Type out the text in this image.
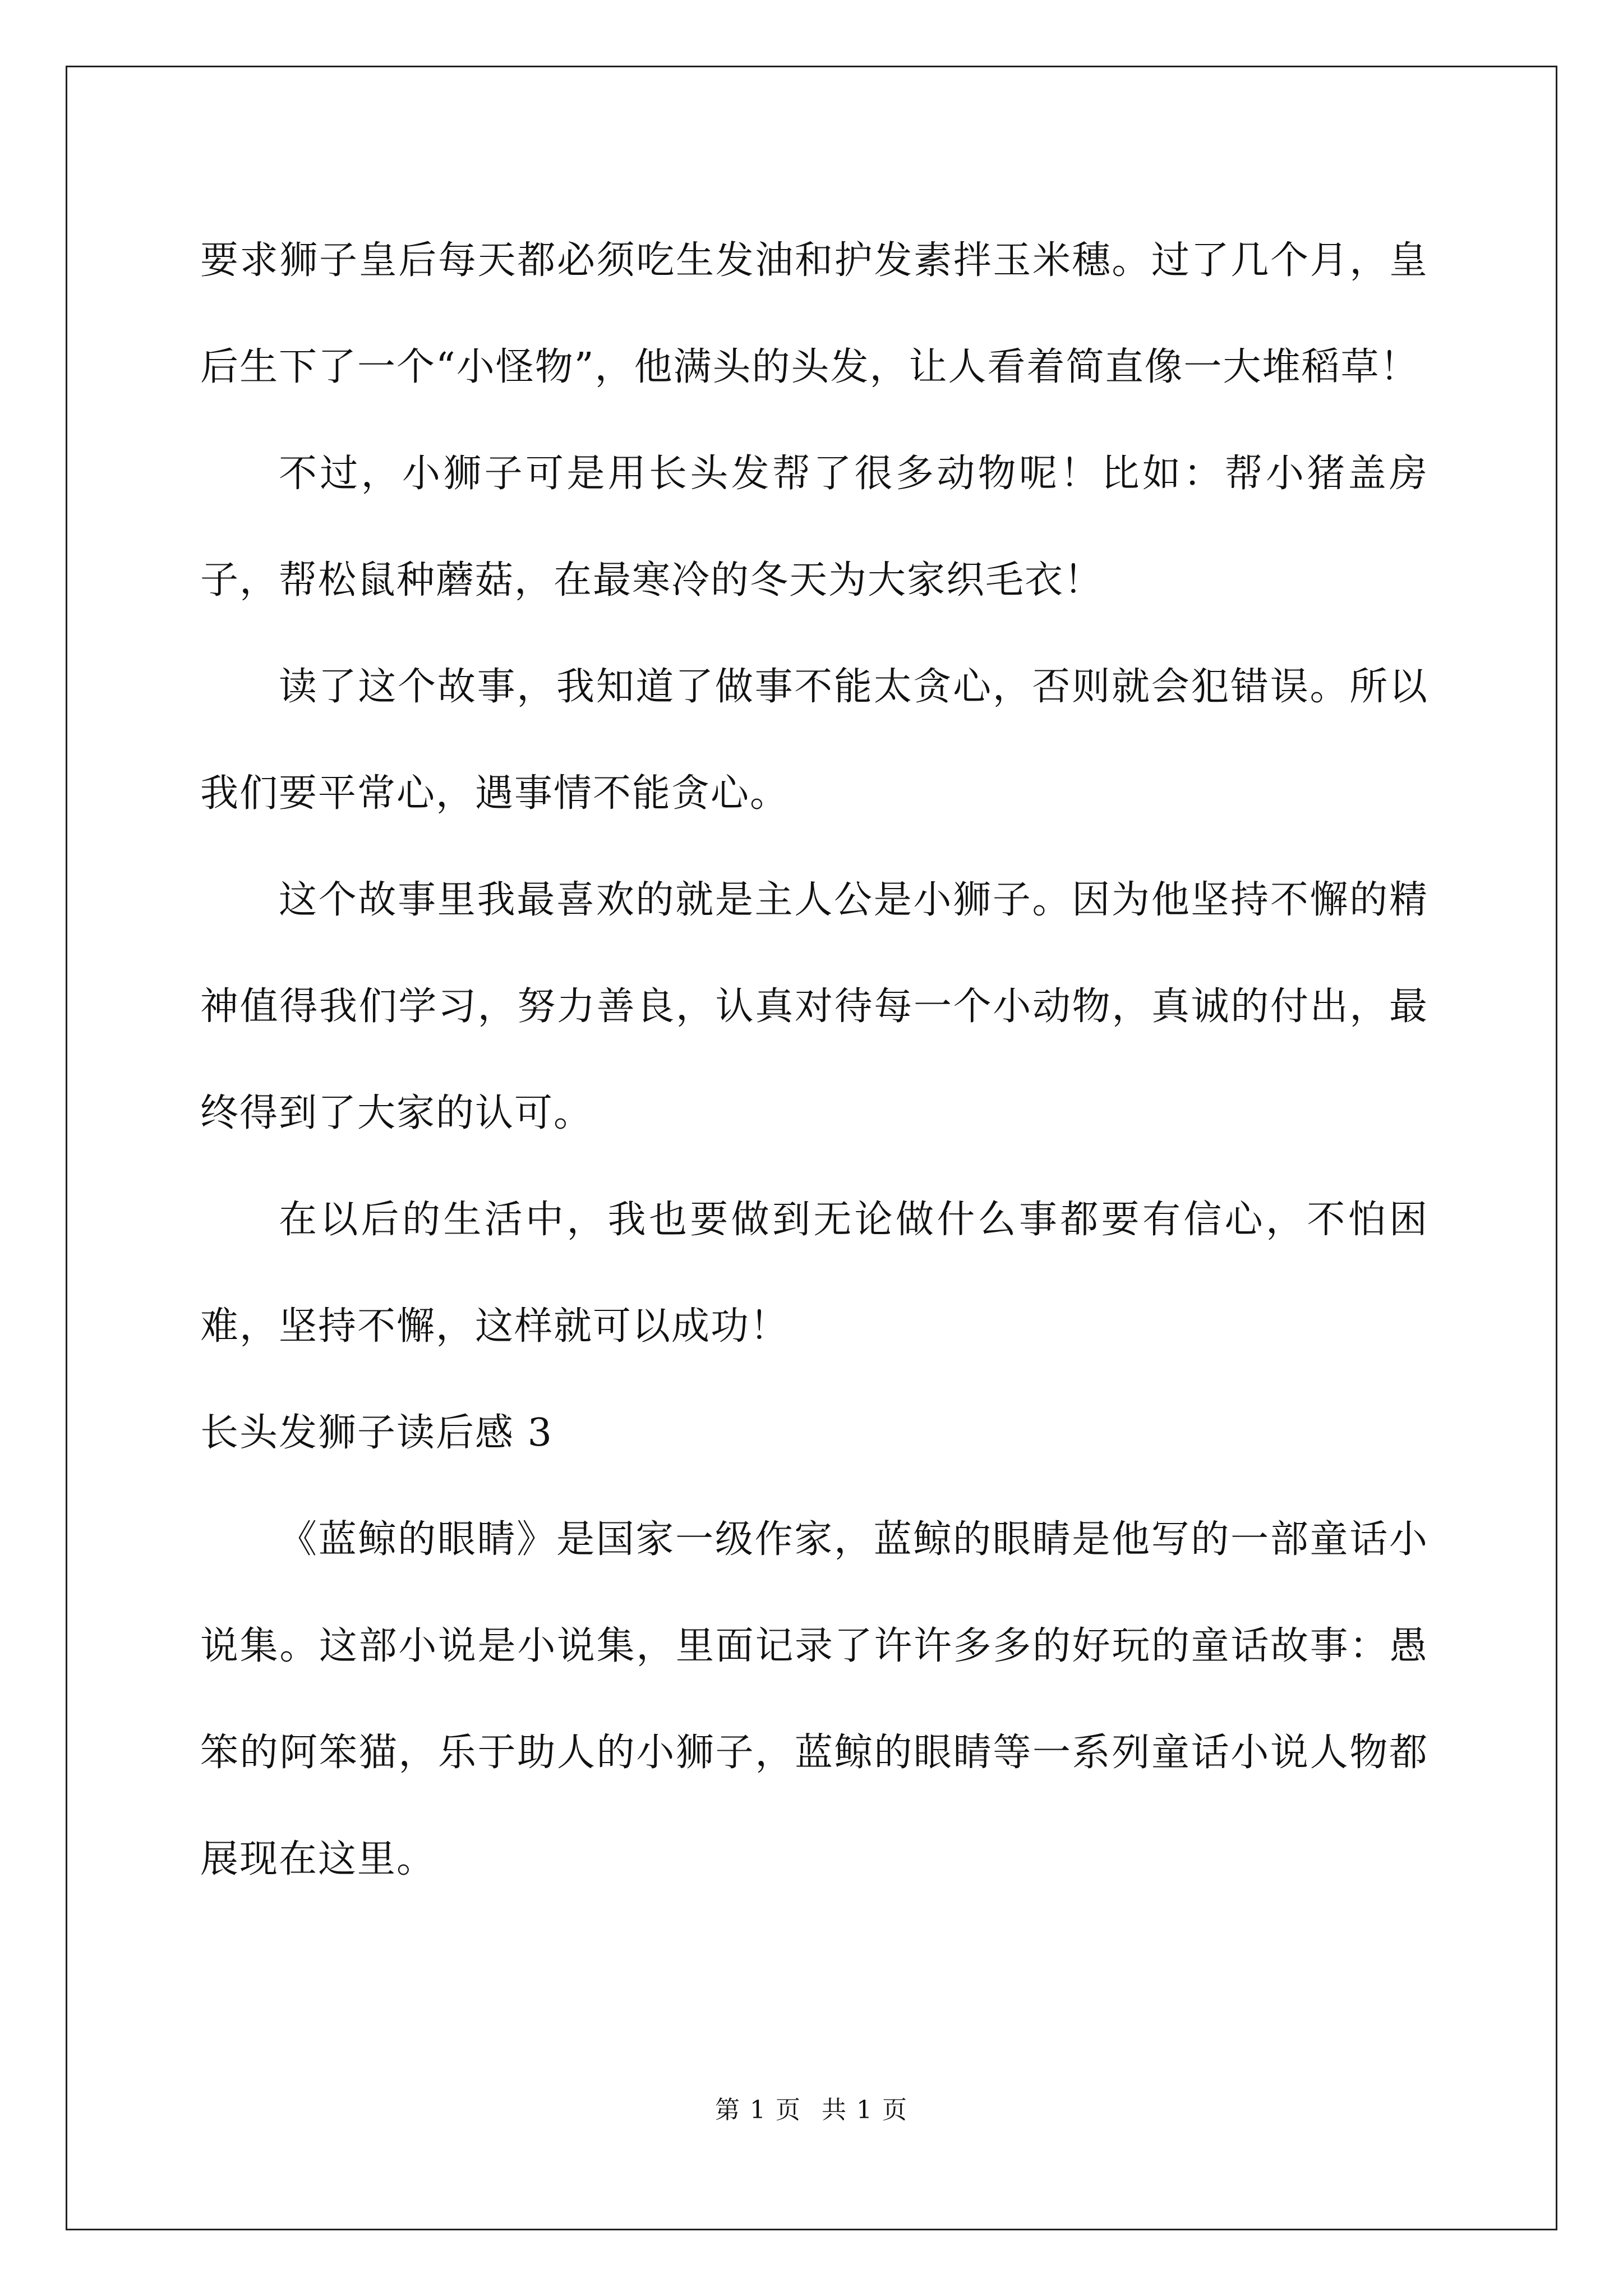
要求狮子皇后每天都必须吃生发油和护发素拌玉米穗。过了几个月，皇后生下了一个“小怪物”，他满头的头发，让人看着简直像一大堆稻草！

不过，小狮子可是用长头发帮了很多动物呢！比如：帮小猪盖房子，帮松鼠种蘑菇，在最寒冷的冬天为大家织毛衣！

读了这个故事，我知道了做事不能太贪心，否则就会犯错误。所以我们要平常心，遇事情不能贪心。

这个故事里我最喜欢的就是主人公是小狮子。因为他坚持不懈的精神值得我们学习，努力善良，认真对待每一个小动物，真诚的付出，最终得到了大家的认可。

在以后的生活中，我也要做到无论做什么事都要有信心，不怕困难，坚持不懈，这样就可以成功！

长头发狮子读后感 3

《蓝鲸的眼睛》是国家一级作家，蓝鲸的眼睛是他写的一部童话小说集。这部小说是小说集，里面记录了许许多多的好玩的童话故事：愚笨的阿笨猫，乐于助人的小狮子，蓝鲸的眼睛等一系列童话小说人物都展现在这里。

第 1 页 共 1 页
